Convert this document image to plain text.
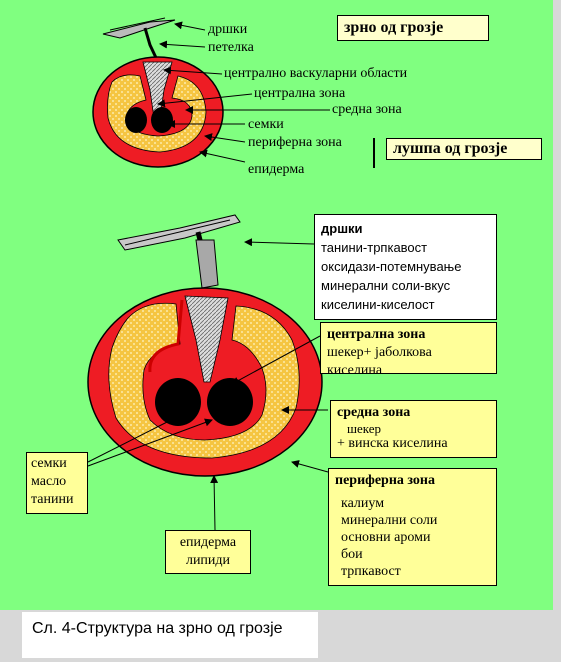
зрно од грозје
лушпа од грозје
дршки
петелка
централно васкуларни области
централна зона
средна зона
семки
периферна зона
епидерма
дршки
танини-трпкавост
оксидази-потемнување
минерални соли-вкус
киселини-киселост
централна зона
шекер+ јаболкова
киселина
средна зона
шекер
+ винска киселина
семки
масло
танини
периферна зона
калиум
минерални соли
основни ароми
бои
трпкавост
епидерма
липиди
Сл. 4-Структура на зрно од грозје
